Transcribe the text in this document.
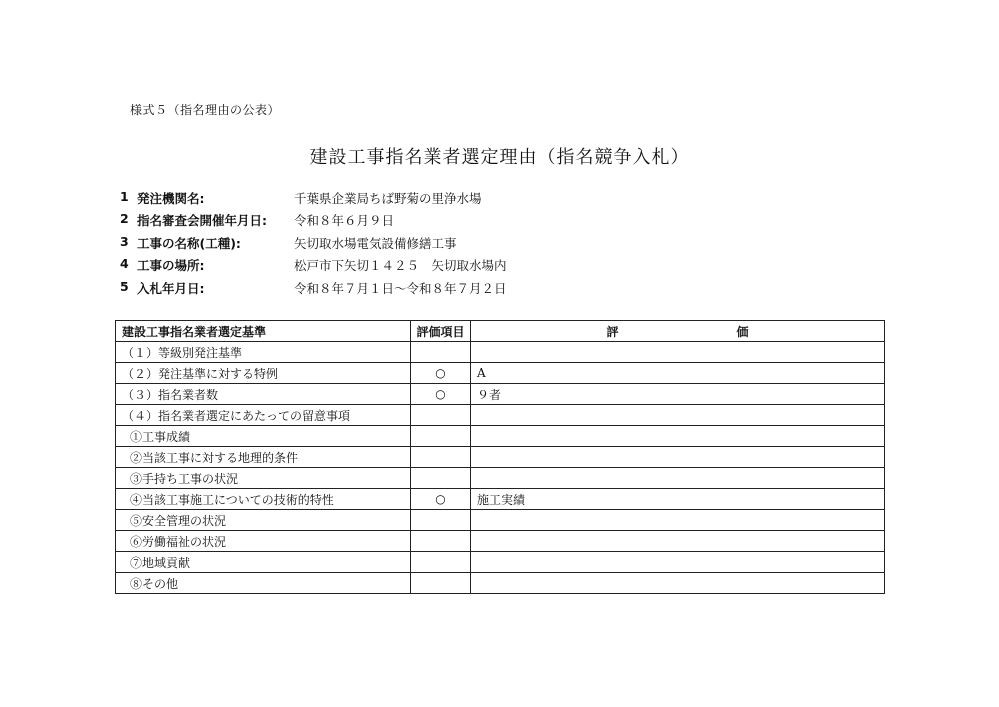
様式５（指名理由の公表）
建設工事指名業者選定理由（指名競争入札）
1 発注機関名:	千葉県企業局ちば野菊の里浄水場
2 指名審査会開催年月日: 令和８年６月９日
3 工事の名称(工種):	矢切取水場電気設備修繕工事
4 工事の場所:	松戸市下矢切１４２５　矢切取水場内
5 入札年月日:	令和８年７月１日～令和８年７月２日
建設工事指名業者選定基準	評価項目	評 価
（１）等級別発注基準		
（２）発注基準に対する特例	○	A
（３）指名業者数	○	９者
（４）指名業者選定にあたっての留意事項		
①工事成績		
②当該工事に対する地理的条件		
③手持ち工事の状況		
④当該工事施工についての技術的特性	○	施工実績
⑤安全管理の状況		
⑥労働福祉の状況		
⑦地域貢献		
⑧その他		
